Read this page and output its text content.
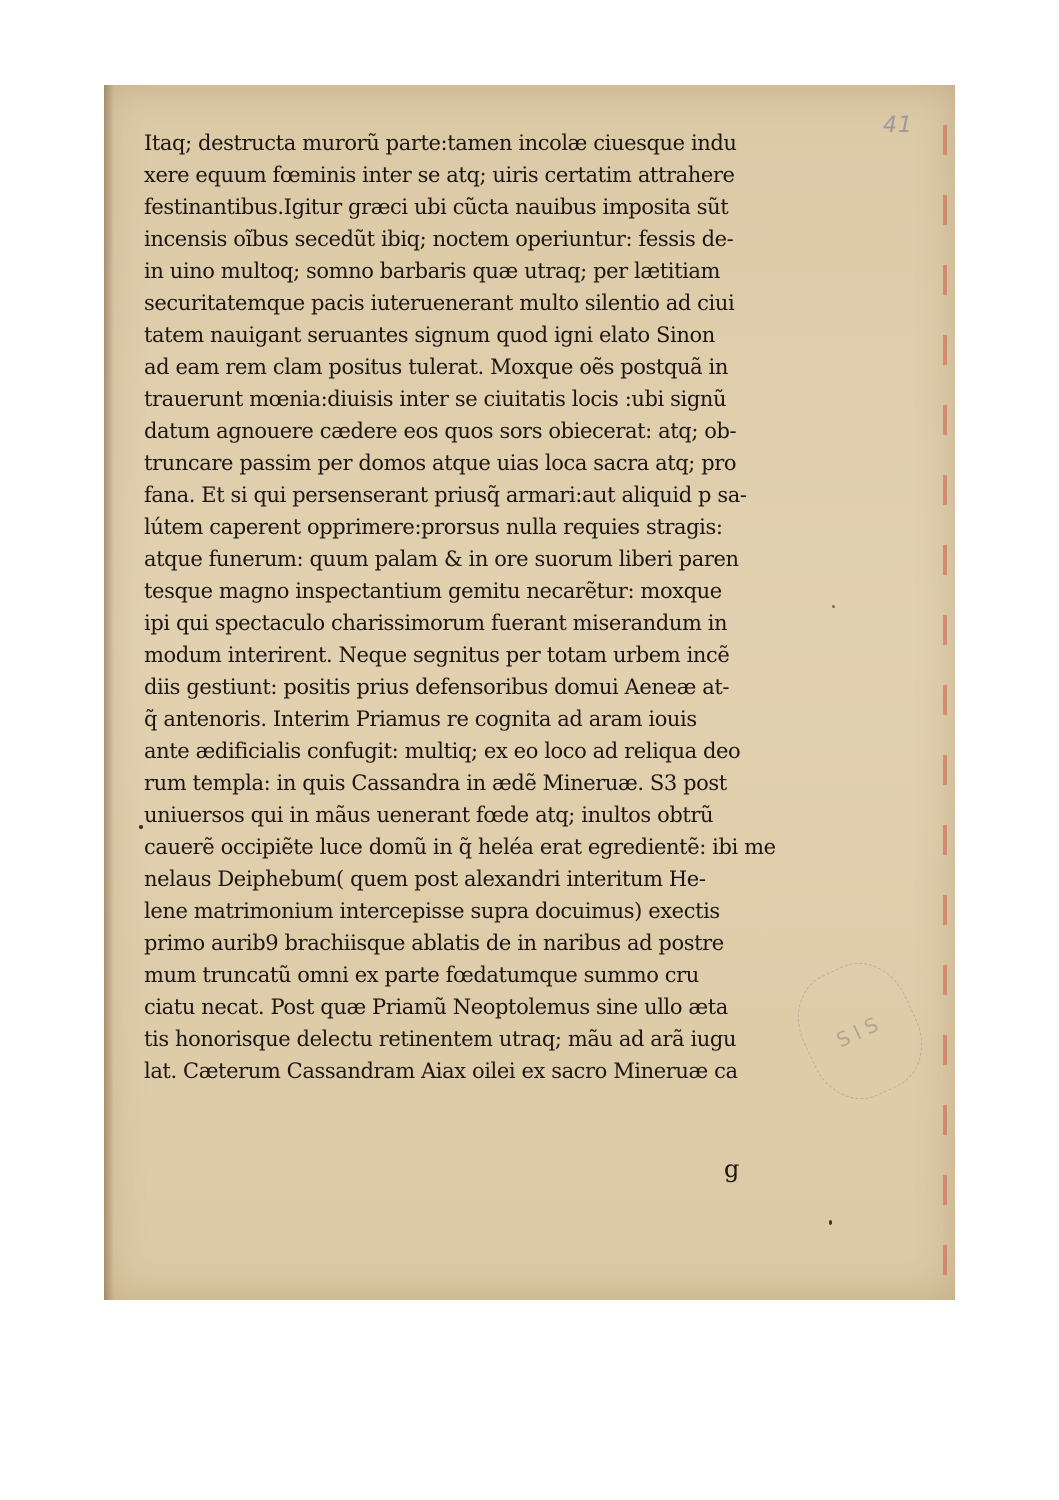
41
Itaq; destructa murorũ parte:tamen incolæ ciuesque indu
xere equum fœminis inter se atq; uiris certatim attrahere
festinantibus.Igitur græci ubi cũcta nauibus imposita sũt
incensis oĩbus secedũt ibiq; noctem operiuntur: fessis de-
in uino multoq; somno barbaris quæ utraq; per lætitiam
securitatemque pacis iuteruenerant multo silentio ad ciui
tatem nauigant seruantes signum quod igni elato Sinon
ad eam rem clam positus tulerat. Moxque oẽs postquã in
trauerunt mœnia:diuisis inter se ciuitatis locis :ubi signũ
datum agnouere cædere eos quos sors obiecerat: atq; ob-
truncare passim per domos atque uias loca sacra atq; pro
fana. Et si qui persenserant priusq̃ armari:aut aliquid p sa-
lútem caperent opprimere:prorsus nulla requies stragis:
atque funerum: quum palam & in ore suorum liberi paren
tesque magno inspectantium gemitu necarẽtur: moxque
ipi qui spectaculo charissimorum fuerant miserandum in
modum interirent. Neque segnitus per totam urbem incẽ
diis gestiunt: positis prius defensoribus domui Aeneæ at-
q̃ antenoris. Interim Priamus re cognita ad aram iouis
ante ædificialis confugit: multiq; ex eo loco ad reliqua deo
rum templa: in quis Cassandra in ædẽ Mineruæ. S3 post
uniuersos qui in mãus uenerant fœde atq; inultos obtrũ
cauerẽ occipiẽte luce domũ in q̃ heléa erat egredientẽ: ibi me
nelaus Deiphebum( quem post alexandri interitum He-
lene matrimonium intercepisse supra docuimus) exectis
primo aurib9 brachiisque ablatis de in naribus ad postre
mum truncatũ omni ex parte fœdatumque summo cru
ciatu necat. Post quæ Priamũ Neoptolemus sine ullo æta
tis honorisque delectu retinentem utraq; mãu ad arã iugu
lat. Cæterum Cassandram Aiax oilei ex sacro Mineruæ ca
SIS
g
